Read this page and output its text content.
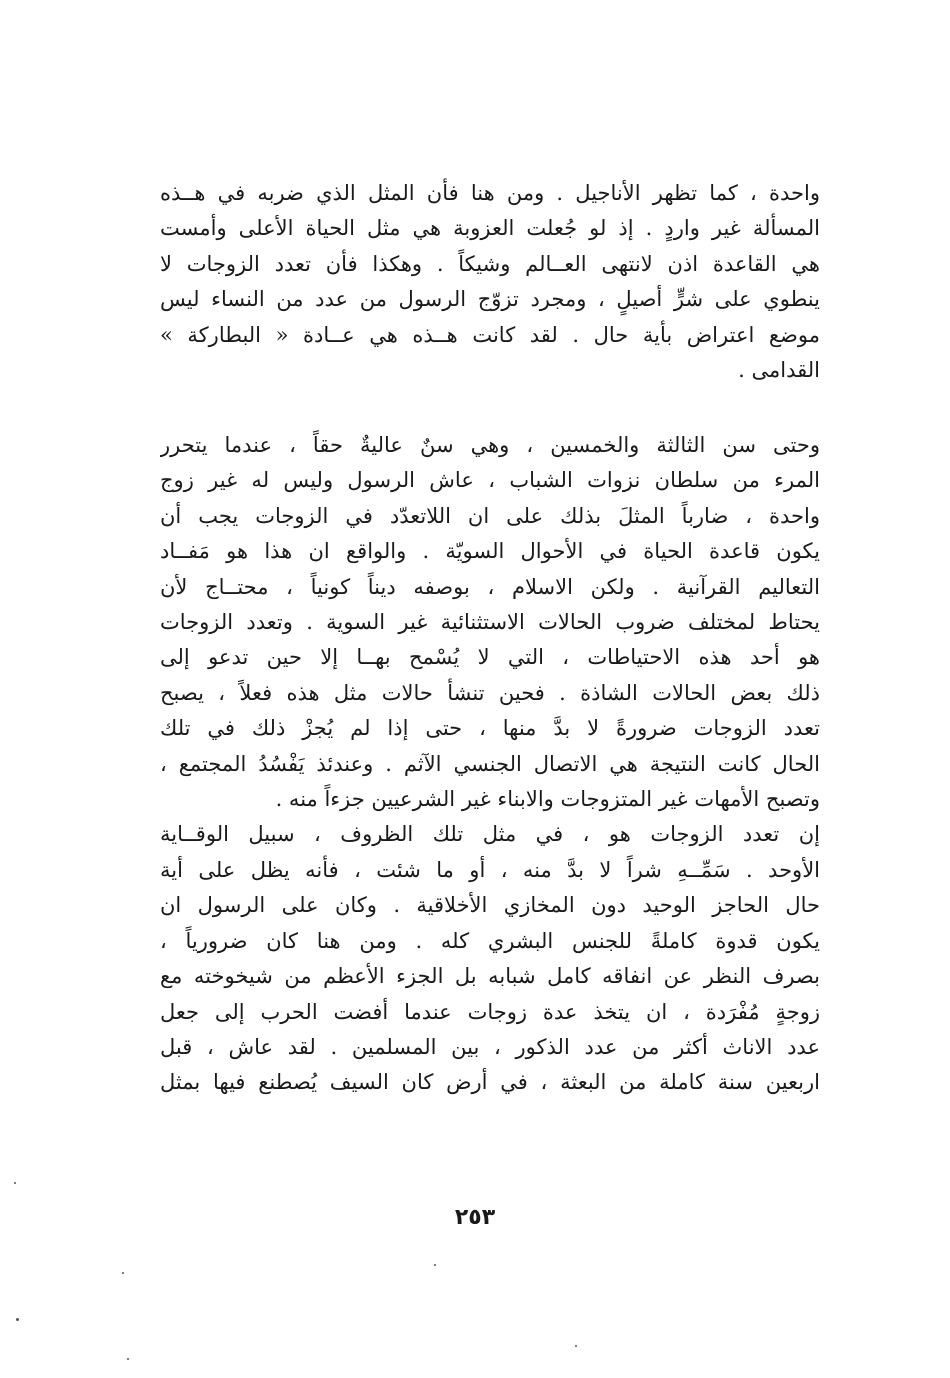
واحدة ، كما تظهر الأناجيل . ومن هنا فأن المثل الذي ضربه في هــذه
المسألة غير واردٍ . إذ لو جُعلت العزوبة هي مثل الحياة الأعلى وأمست
هي القاعدة اذن لانتهى العــالم وشيكاً . وهكذا فأن تعدد الزوجات لا
ينطوي على شرٍّ أصيلٍ ، ومجرد تزوّج الرسول من عدد من النساء ليس
موضع اعتراض بأية حال . لقد كانت هــذه هي عــادة « البطاركة »
القدامى .
وحتى سن الثالثة والخمسين ، وهي سنٌ عاليةٌ حقاً ، عندما يتحرر
المرء من سلطان نزوات الشباب ، عاش الرسول وليس له غير زوج
واحدة ، ضارباً المثلَ بذلك على ان اللاتعدّد في الزوجات يجب أن
يكون قاعدة الحياة في الأحوال السويّة . والواقع ان هذا هو مَفــاد
التعاليم القرآنية . ولكن الاسلام ، بوصفه ديناً كونياً ، محتــاج لأن
يحتاط لمختلف ضروب الحالات الاستثنائية غير السوية . وتعدد الزوجات
هو أحد هذه الاحتياطات ، التي لا يُسْمح بهــا إلا حين تدعو إلى
ذلك بعض الحالات الشاذة . فحين تنشأ حالات مثل هذه فعلاً ، يصبح
تعدد الزوجات ضرورةً لا بدَّ منها ، حتى إذا لم يُجزْ ذلك في تلك
الحال كانت النتيجة هي الاتصال الجنسي الآثم . وعندئذ يَفْسُدُ المجتمع ،
وتصبح الأمهات غير المتزوجات والابناء غير الشرعيين جزءاً منه .
إن تعدد الزوجات هو ، في مثل تلك الظروف ، سبيل الوقــاية
الأوحد . سَمِّــهِ شراً لا بدَّ منه ، أو ما شئت ، فأنه يظل على أية
حال الحاجز الوحيد دون المخازي الأخلاقية . وكان على الرسول ان
يكون قدوة كاملةً للجنس البشري كله . ومن هنا كان ضرورياً ،
بصرف النظر عن انفاقه كامل شبابه بل الجزء الأعظم من شيخوخته مع
زوجةٍ مُفْرَدة ، ان يتخذ عدة زوجات عندما أفضت الحرب إلى جعل
عدد الاناث أكثر من عدد الذكور ، بين المسلمين . لقد عاش ، قبل
اربعين سنة كاملة من البعثة ، في أرض كان السيف يُصطنع فيها بمثل
٢٥٣
